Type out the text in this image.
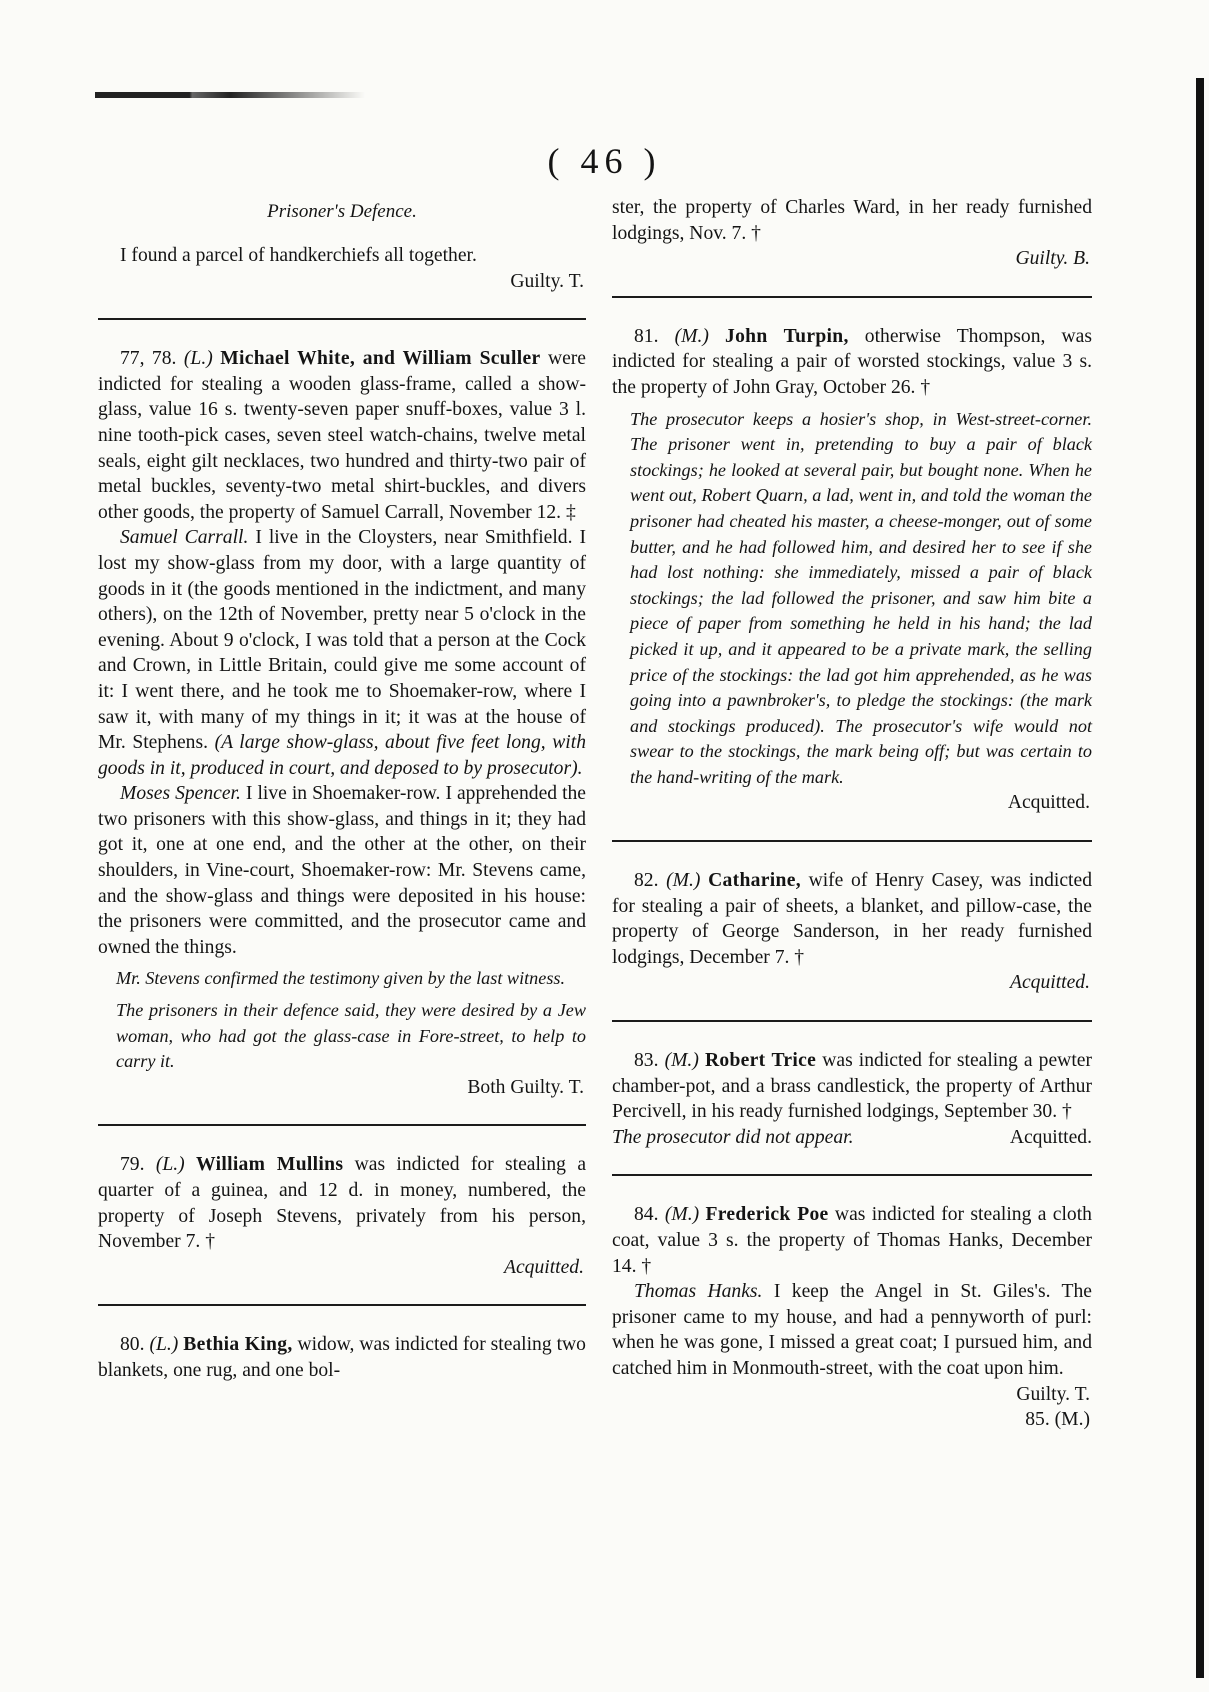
( 46 )
Prisoner's Defence.

I found a parcel of handkerchiefs all together.

Guilty. T.

77, 78. (L.) Michael White, and William Sculler were indicted for stealing a wooden glass-frame, called a show-glass, value 16 s. twenty-seven paper snuff-boxes, value 3 l. nine tooth-pick cases, seven steel watch-chains, twelve metal seals, eight gilt necklaces, two hundred and thirty-two pair of metal buckles, seventy-two metal shirt-buckles, and divers other goods, the property of Samuel Carrall, November 12. ‡

Samuel Carrall. I live in the Cloysters, near Smithfield. I lost my show-glass from my door, with a large quantity of goods in it (the goods mentioned in the indictment, and many others), on the 12th of November, pretty near 5 o'clock in the evening. About 9 o'clock, I was told that a person at the Cock and Crown, in Little Britain, could give me some account of it: I went there, and he took me to Shoemaker-row, where I saw it, with many of my things in it; it was at the house of Mr. Stephens. (A large show-glass, about five feet long, with goods in it, produced in court, and deposed to by prosecutor).

Moses Spencer. I live in Shoemaker-row. I apprehended the two prisoners with this show-glass, and things in it; they had got it, one at one end, and the other at the other, on their shoulders, in Vine-court, Shoemaker-row: Mr. Stevens came, and the show-glass and things were deposited in his house: the prisoners were committed, and the prosecutor came and owned the things.

Mr. Stevens confirmed the testimony given by the last witness.

The prisoners in their defence said, they were desired by a Jew woman, who had got the glass-case in Fore-street, to help to carry it.

Both Guilty. T.

79. (L.) William Mullins was indicted for stealing a quarter of a guinea, and 12 d. in money, numbered, the property of Joseph Stevens, privately from his person, November 7. †

Acquitted.

80. (L.) Bethia King, widow, was indicted for stealing two blankets, one rug, and one bol-

ster, the property of Charles Ward, in her ready furnished lodgings, Nov. 7. †

Guilty. B.

81. (M.) John Turpin, otherwise Thompson, was indicted for stealing a pair of worsted stockings, value 3 s. the property of John Gray, October 26. †

The prosecutor keeps a hosier's shop, in West-street-corner. The prisoner went in, pretending to buy a pair of black stockings; he looked at several pair, but bought none. When he went out, Robert Quarn, a lad, went in, and told the woman the prisoner had cheated his master, a cheese-monger, out of some butter, and he had followed him, and desired her to see if she had lost nothing: she immediately, missed a pair of black stockings; the lad followed the prisoner, and saw him bite a piece of paper from something he held in his hand; the lad picked it up, and it appeared to be a private mark, the selling price of the stockings: the lad got him apprehended, as he was going into a pawnbroker's, to pledge the stockings: (the mark and stockings produced). The prosecutor's wife would not swear to the stockings, the mark being off; but was certain to the hand-writing of the mark.

Acquitted.

82. (M.) Catharine, wife of Henry Casey, was indicted for stealing a pair of sheets, a blanket, and pillow-case, the property of George Sanderson, in her ready furnished lodgings, December 7. †

Acquitted.

83. (M.) Robert Trice was indicted for stealing a pewter chamber-pot, and a brass candlestick, the property of Arthur Percivell, in his ready furnished lodgings, September 30. †

The prosecutor did not appear.	Acquitted.

84. (M.) Frederick Poe was indicted for stealing a cloth coat, value 3 s. the property of Thomas Hanks, December 14. †

Thomas Hanks. I keep the Angel in St. Giles's. The prisoner came to my house, and had a pennyworth of purl: when he was gone, I missed a great coat; I pursued him, and catched him in Monmouth-street, with the coat upon him.

Guilty. T.

85. (M.)
